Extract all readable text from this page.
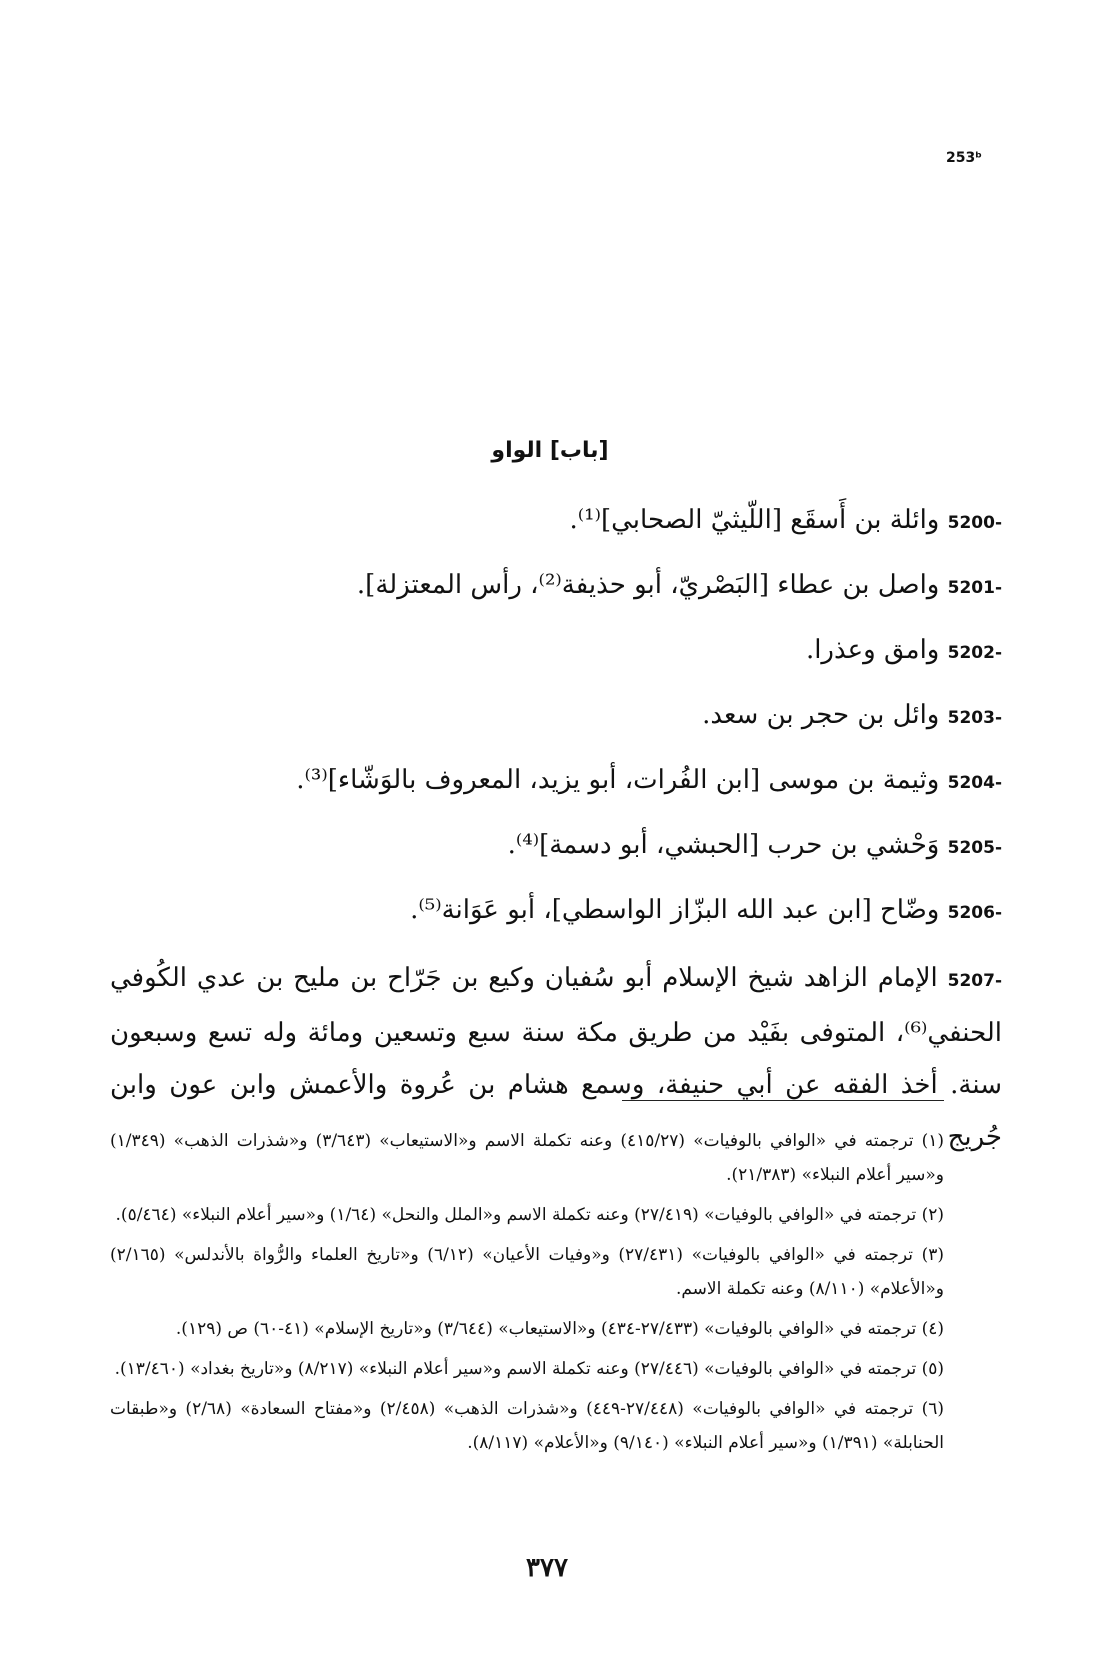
253ᵇ
[باب] الواو
5200- وائلة بن أَسقَع [اللّيثيّ الصحابي]⁽¹⁾.
5201- واصل بن عطاء [البَصْريّ، أبو حذيفة⁽²⁾، رأس المعتزلة].
5202- وامق وعذرا.
5203- وائل بن حجر بن سعد.
5204- وثيمة بن موسى [ابن الفُرات، أبو يزيد، المعروف بالوَشّاء]⁽³⁾.
5205- وَحْشي بن حرب [الحبشي، أبو دسمة]⁽⁴⁾.
5206- وضّاح [ابن عبد الله البزّاز الواسطي]، أبو عَوَانة⁽⁵⁾.
5207- الإمام الزاهد شيخ الإسلام أبو سُفيان وكيع بن جَرّاح بن مليح بن عدي الكُوفي الحنفي⁽⁶⁾، المتوفى بفَيْد من طريق مكة سنة سبع وتسعين ومائة وله تسع وسبعون سنة. أخذ الفقه عن أبي حنيفة، وسمع هشام بن عُروة والأعمش وابن عون وابن جُريج
(١) ترجمته في «الوافي بالوفيات» (٤١٥/٢٧) وعنه تكملة الاسم و«الاستيعاب» (٣/٦٤٣) و«شذرات الذهب» (١/٣٤٩) و«سير أعلام النبلاء» (٢١/٣٨٣).
(٢) ترجمته في «الوافي بالوفيات» (٢٧/٤١٩) وعنه تكملة الاسم و«الملل والنحل» (١/٦٤) و«سير أعلام النبلاء» (٥/٤٦٤).
(٣) ترجمته في «الوافي بالوفيات» (٢٧/٤٣١) و«وفيات الأعيان» (٦/١٢) و«تاريخ العلماء والرُّواة بالأندلس» (٢/١٦٥) و«الأعلام» (٨/١١٠) وعنه تكملة الاسم.
(٤) ترجمته في «الوافي بالوفيات» (٢٧/٤٣٣-٤٣٤) و«الاستيعاب» (٣/٦٤٤) و«تاريخ الإسلام» (٤١-٦٠) ص (١٢٩).
(٥) ترجمته في «الوافي بالوفيات» (٢٧/٤٤٦) وعنه تكملة الاسم و«سير أعلام النبلاء» (٨/٢١٧) و«تاريخ بغداد» (١٣/٤٦٠).
(٦) ترجمته في «الوافي بالوفيات» (٢٧/٤٤٨-٤٤٩) و«شذرات الذهب» (٢/٤٥٨) و«مفتاح السعادة» (٢/٦٨) و«طبقات الحنابلة» (١/٣٩١) و«سير أعلام النبلاء» (٩/١٤٠) و«الأعلام» (٨/١١٧).
٣٧٧
